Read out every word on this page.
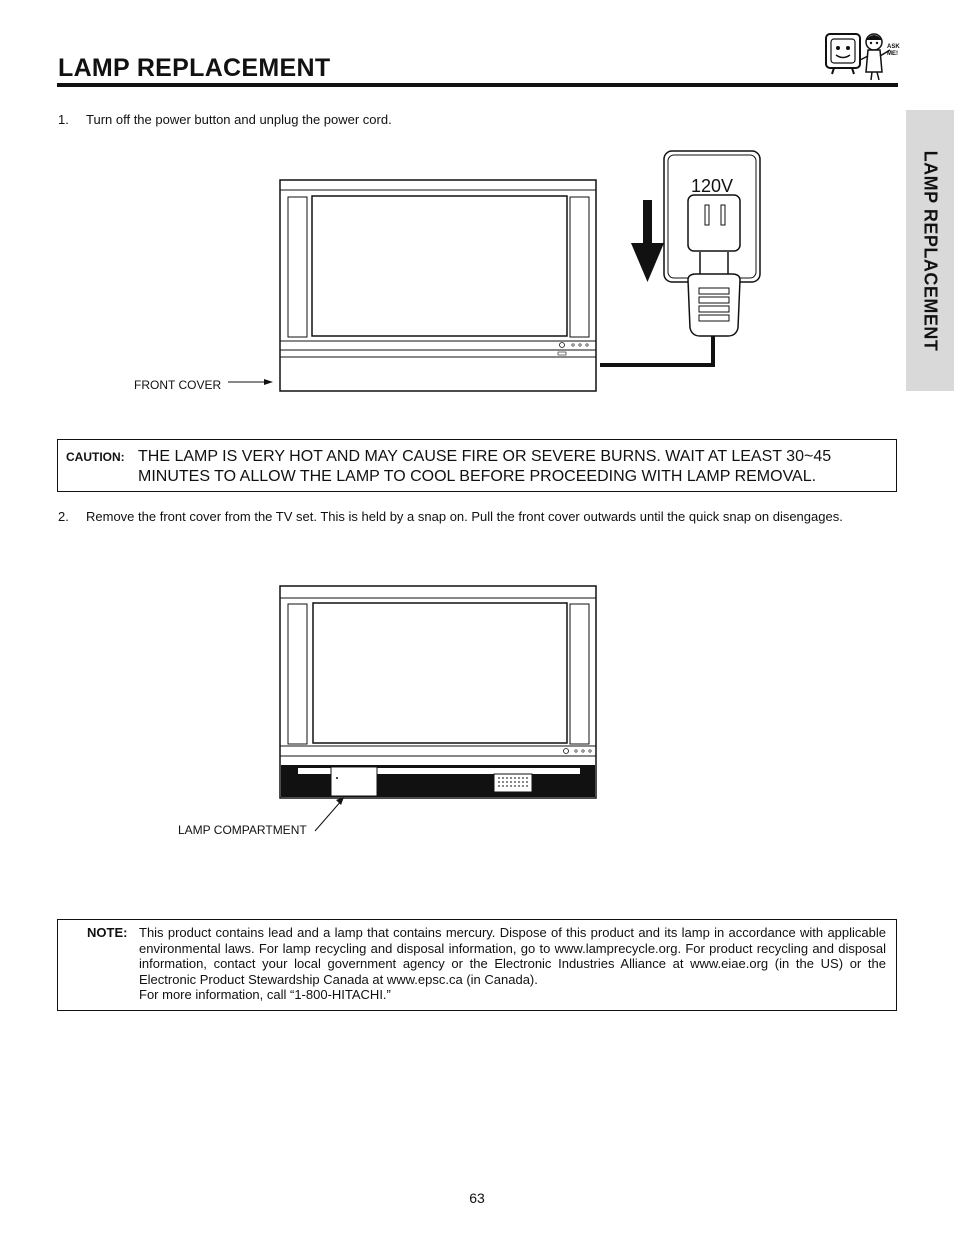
LAMP REPLACEMENT
ASK
ME!
LAMP REPLACEMENT
1. Turn off the power button and unplug the power cord.
120V
FRONT COVER
CAUTION: THE LAMP IS VERY HOT AND MAY CAUSE FIRE OR SEVERE BURNS. WAIT AT LEAST 30~45 MINUTES TO ALLOW THE LAMP TO COOL BEFORE PROCEEDING WITH LAMP REMOVAL.
2. Remove the front cover from the TV set. This is held by a snap on. Pull the front cover outwards until the quick snap on disengages.
LAMP COMPARTMENT
NOTE: This product contains lead and a lamp that contains mercury. Dispose of this product and its lamp in accordance with applicable environmental laws. For lamp recycling and disposal information, go to www.lamprecycle.org. For product recycling and disposal information, contact your local government agency or the Electronic Industries Alliance at www.eiae.org (in the US) or the Electronic Product Stewardship Canada at www.epsc.ca (in Canada).

For more information, call “1-800-HITACHI.”

63
